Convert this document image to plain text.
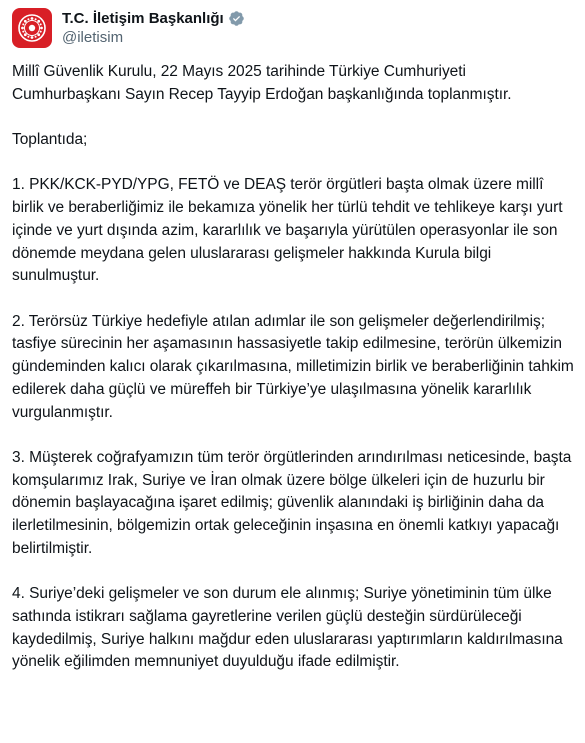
T.C. İletişim Başkanlığı
@iletisim

Millî Güvenlik Kurulu, 22 Mayıs 2025 tarihinde Türkiye Cumhuriyeti Cumhurbaşkanı Sayın Recep Tayyip Erdoğan başkanlığında toplanmıştır.

Toplantıda;

1. PKK/KCK-PYD/YPG, FETÖ ve DEAŞ terör örgütleri başta olmak üzere millî birlik ve beraberliğimiz ile bekamıza yönelik her türlü tehdit ve tehlikeye karşı yurt içinde ve yurt dışında azim, kararlılık ve başarıyla yürütülen operasyonlar ile son dönemde meydana gelen uluslararası gelişmeler hakkında Kurula bilgi sunulmuştur.

2. Terörsüz Türkiye hedefiyle atılan adımlar ile son gelişmeler değerlendirilmiş; tasfiye sürecinin her aşamasının hassasiyetle takip edilmesine, terörün ülkemizin gündeminden kalıcı olarak çıkarılmasına, milletimizin birlik ve beraberliğinin tahkim edilerek daha güçlü ve müreffeh bir Türkiye’ye ulaşılmasına yönelik kararlılık vurgulanmıştır.

3. Müşterek coğrafyamızın tüm terör örgütlerinden arındırılması neticesinde, başta komşularımız Irak, Suriye ve İran olmak üzere bölge ülkeleri için de huzurlu bir dönemin başlayacağına işaret edilmiş; güvenlik alanındaki iş birliğinin daha da ilerletilmesinin, bölgemizin ortak geleceğinin inşasına en önemli katkıyı yapacağı belirtilmiştir.

4. Suriye’deki gelişmeler ve son durum ele alınmış; Suriye yönetiminin tüm ülke sathında istikrarı sağlama gayretlerine verilen güçlü desteğin sürdürüleceği kaydedilmiş, Suriye halkını mağdur eden uluslararası yaptırımların kaldırılmasına yönelik eğilimden memnuniyet duyulduğu ifade edilmiştir.
